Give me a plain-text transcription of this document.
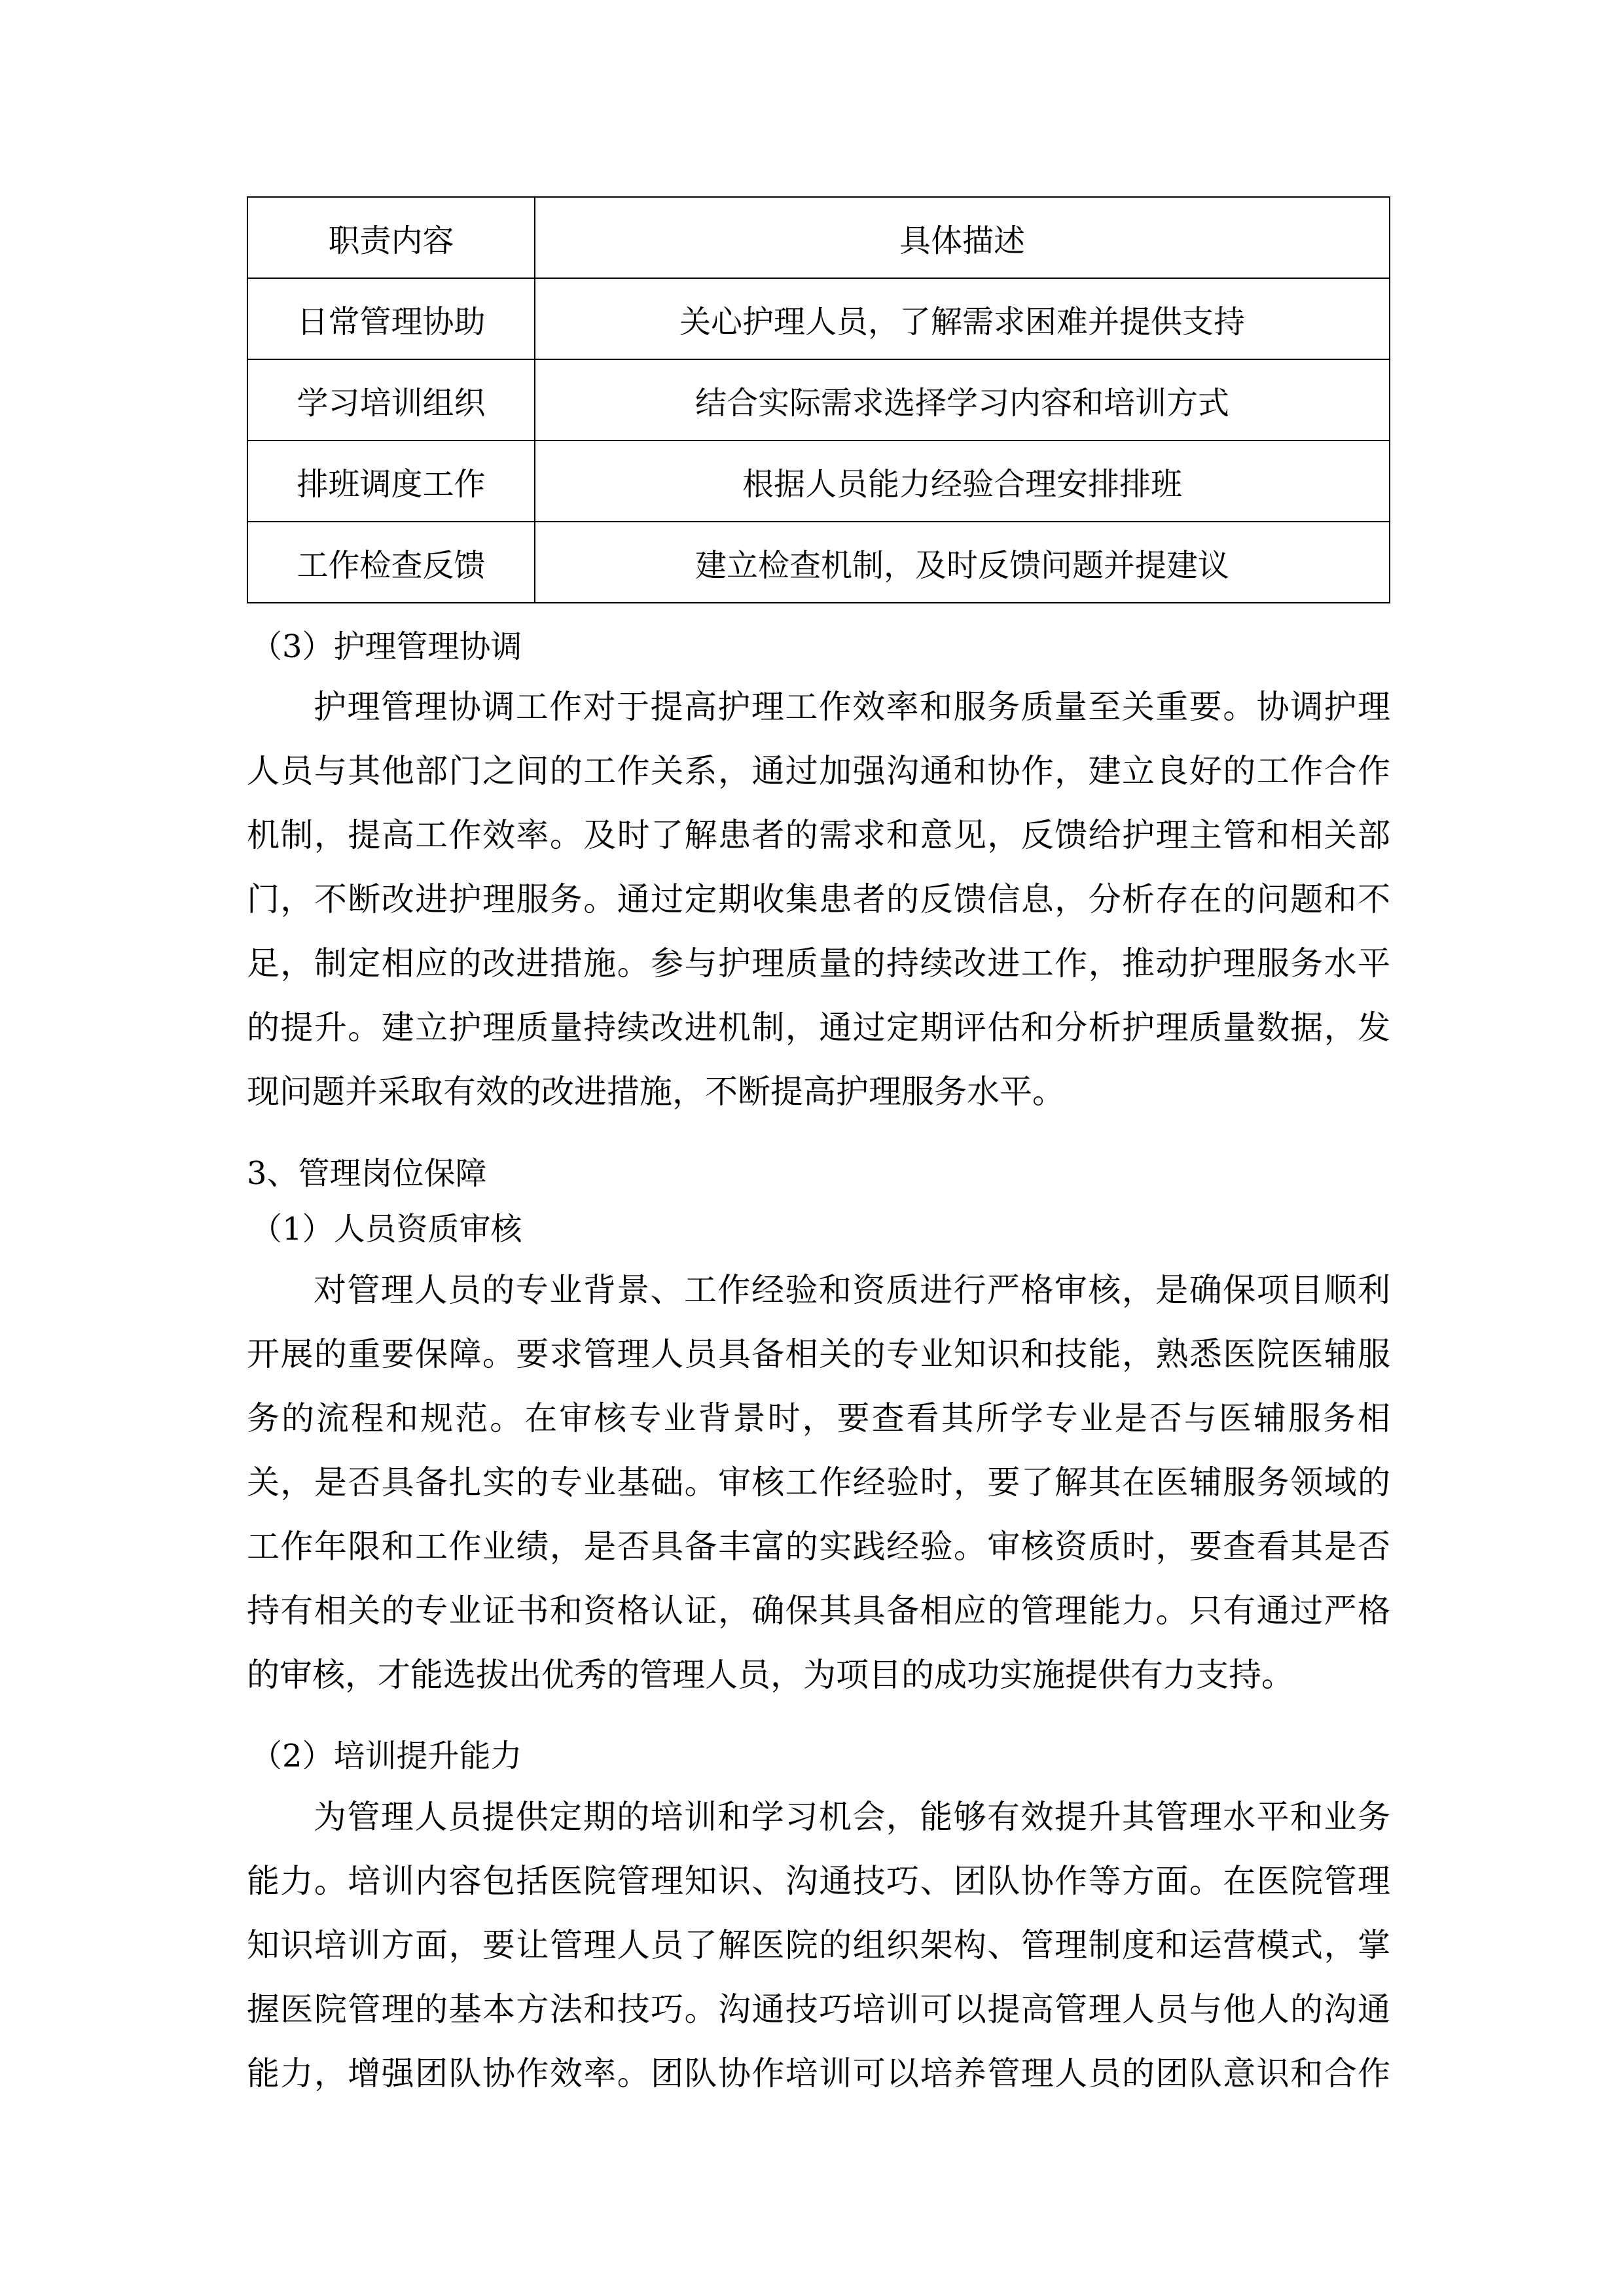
职责内容	具体描述
日常管理协助	关心护理人员，了解需求困难并提供支持
学习培训组织	结合实际需求选择学习内容和培训方式
排班调度工作	根据人员能力经验合理安排排班
工作检查反馈	建立检查机制，及时反馈问题并提建议
（3）护理管理协调
护理管理协调工作对于提高护理工作效率和服务质量至关重要。协调护理
人员与其他部门之间的工作关系，通过加强沟通和协作，建立良好的工作合作
机制，提高工作效率。及时了解患者的需求和意见，反馈给护理主管和相关部
门，不断改进护理服务。通过定期收集患者的反馈信息，分析存在的问题和不
足，制定相应的改进措施。参与护理质量的持续改进工作，推动护理服务水平
的提升。建立护理质量持续改进机制，通过定期评估和分析护理质量数据，发
现问题并采取有效的改进措施，不断提高护理服务水平。
3、管理岗位保障
（1）人员资质审核
对管理人员的专业背景、工作经验和资质进行严格审核，是确保项目顺利
开展的重要保障。要求管理人员具备相关的专业知识和技能，熟悉医院医辅服
务的流程和规范。在审核专业背景时，要查看其所学专业是否与医辅服务相
关，是否具备扎实的专业基础。审核工作经验时，要了解其在医辅服务领域的
工作年限和工作业绩，是否具备丰富的实践经验。审核资质时，要查看其是否
持有相关的专业证书和资格认证，确保其具备相应的管理能力。只有通过严格
的审核，才能选拔出优秀的管理人员，为项目的成功实施提供有力支持。
（2）培训提升能力
为管理人员提供定期的培训和学习机会，能够有效提升其管理水平和业务
能力。培训内容包括医院管理知识、沟通技巧、团队协作等方面。在医院管理
知识培训方面，要让管理人员了解医院的组织架构、管理制度和运营模式，掌
握医院管理的基本方法和技巧。沟通技巧培训可以提高管理人员与他人的沟通
能力，增强团队协作效率。团队协作培训可以培养管理人员的团队意识和合作
